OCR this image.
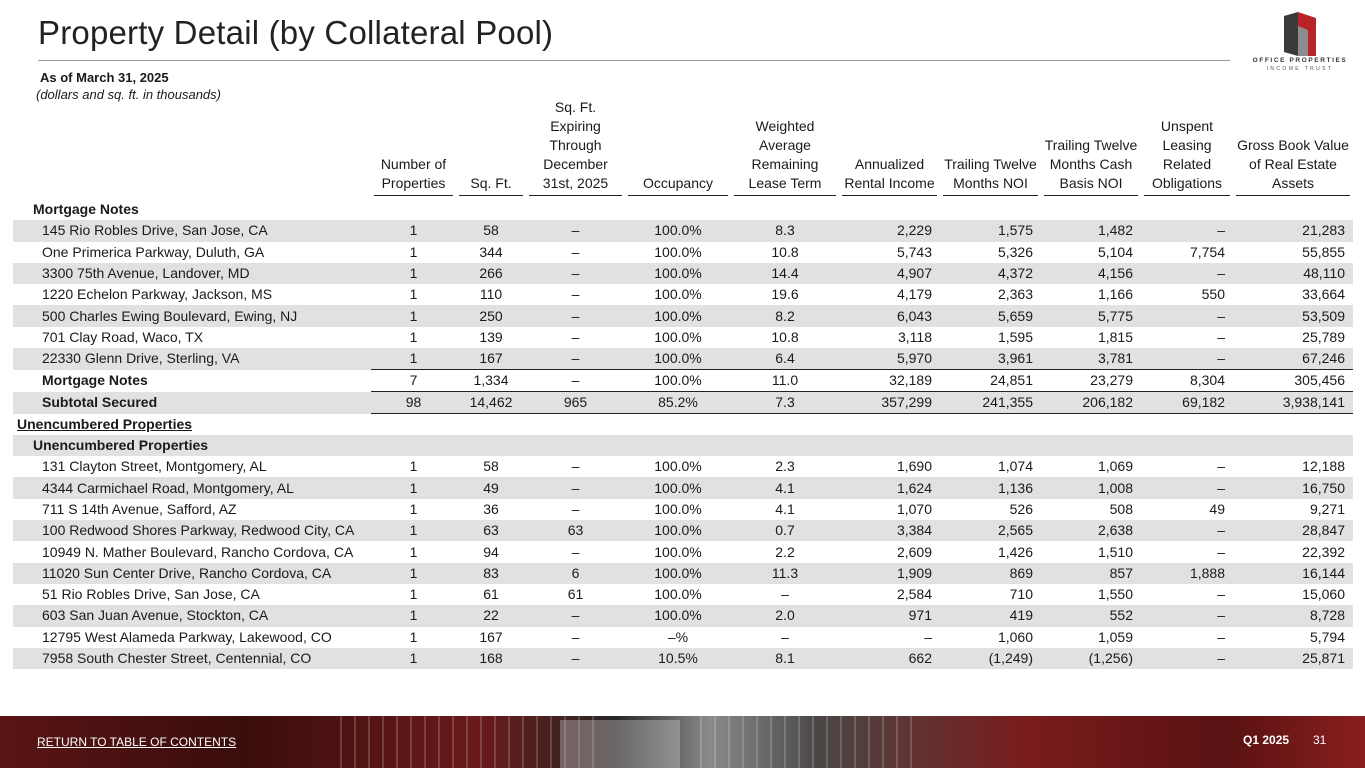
Property Detail (by Collateral Pool)
As of March 31, 2025
(dollars and sq. ft. in thousands)
OFFICE PROPERTIES
INCOME TRUST

	Number of Properties	Sq. Ft.	Sq. Ft. Expiring Through December 31st, 2025	Occupancy	Weighted Average Remaining Lease Term	Annualized Rental Income	Trailing Twelve Months NOI	Trailing Twelve Months Cash Basis NOI	Unspent Leasing Related Obligations	Gross Book Value of Real Estate Assets

Mortgage Notes										
145 Rio Robles Drive, San Jose, CA	1	58	–	100.0%	8.3	2,229	1,575	1,482	–	21,283
One Primerica Parkway, Duluth, GA	1	344	–	100.0%	10.8	5,743	5,326	5,104	7,754	55,855
3300 75th Avenue, Landover, MD	1	266	–	100.0%	14.4	4,907	4,372	4,156	–	48,110
1220 Echelon Parkway, Jackson, MS	1	110	–	100.0%	19.6	4,179	2,363	1,166	550	33,664
500 Charles Ewing Boulevard, Ewing, NJ	1	250	–	100.0%	8.2	6,043	5,659	5,775	–	53,509
701 Clay Road, Waco, TX	1	139	–	100.0%	10.8	3,118	1,595	1,815	–	25,789
22330 Glenn Drive, Sterling, VA	1	167	–	100.0%	6.4	5,970	3,961	3,781	–	67,246
Mortgage Notes	7	1,334	–	100.0%	11.0	32,189	24,851	23,279	8,304	305,456
Subtotal Secured	98	14,462	965	85.2%	7.3	357,299	241,355	206,182	69,182	3,938,141
Unencumbered Properties										
Unencumbered Properties										
131 Clayton Street, Montgomery, AL	1	58	–	100.0%	2.3	1,690	1,074	1,069	–	12,188
4344 Carmichael Road, Montgomery, AL	1	49	–	100.0%	4.1	1,624	1,136	1,008	–	16,750
711 S 14th Avenue, Safford, AZ	1	36	–	100.0%	4.1	1,070	526	508	49	9,271
100 Redwood Shores Parkway, Redwood City, CA	1	63	63	100.0%	0.7	3,384	2,565	2,638	–	28,847
10949 N. Mather Boulevard, Rancho Cordova, CA	1	94	–	100.0%	2.2	2,609	1,426	1,510	–	22,392
11020 Sun Center Drive, Rancho Cordova, CA	1	83	6	100.0%	11.3	1,909	869	857	1,888	16,144
51 Rio Robles Drive, San Jose, CA	1	61	61	100.0%	–	2,584	710	1,550	–	15,060
603 San Juan Avenue, Stockton, CA	1	22	–	100.0%	2.0	971	419	552	–	8,728
12795 West Alameda Parkway, Lakewood, CO	1	167	–	–%	–	–	1,060	1,059	–	5,794
7958 South Chester Street, Centennial, CO	1	168	–	10.5%	8.1	662	(1,249)	(1,256)	–	25,871
RETURN TO TABLE OF CONTENTS	Q1 2025 31
